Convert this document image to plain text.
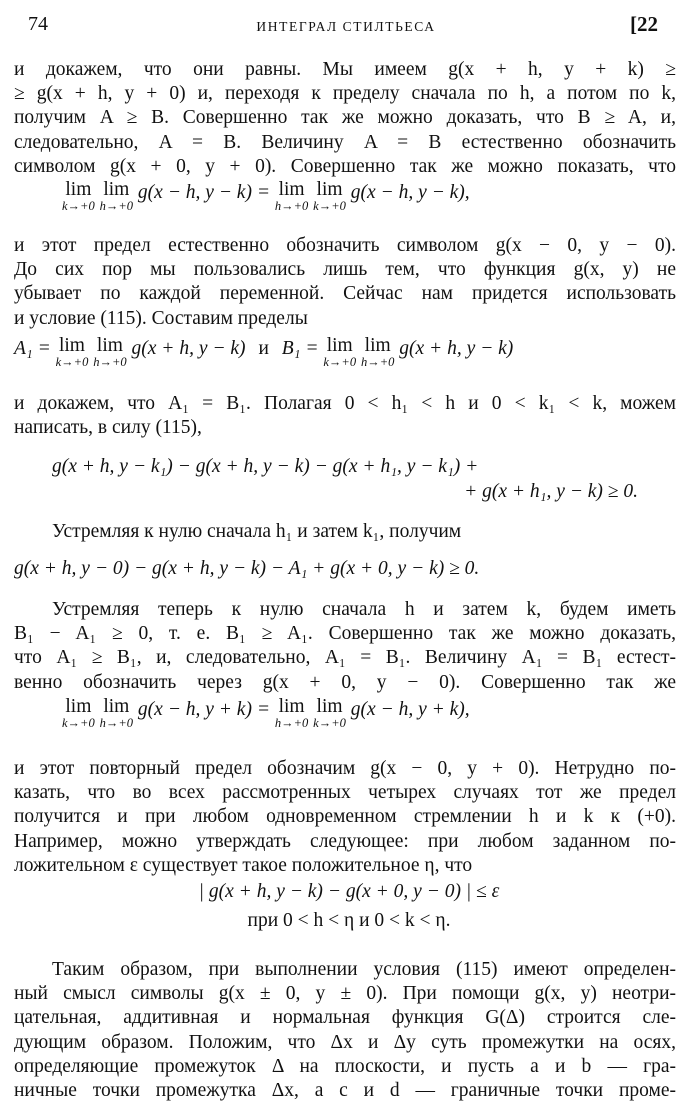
74	ИНТЕГРАЛ СТИЛТЬЕСА	[22
и докажем, что они равны. Мы имеем g(x + h, y + k) ≥
≥ g(x + h, y + 0) и, переходя к пределу сначала по h, а потом по k,
получим A ≥ B. Совершенно так же можно доказать, что B ≥ A, и,
следовательно, A = B. Величину A = B естественно обозначить
символом g(x + 0, y + 0). Совершенно так же можно показать, что
lim
k→+0
lim
h→+0
g(x − h, y − k) = lim
h→+0
lim
k→+0
g(x − h, y − k),
и этот предел естественно обозначить символом g(x − 0, y − 0).
До сих пор мы пользовались лишь тем, что функция g(x, y) не
убывает по каждой переменной. Сейчас нам придется использовать
и условие (115). Составим пределы
A₁ = lim
k→+0
lim
h→+0
g(x + h, y − k) и B₁ = lim
k→+0
lim
h→+0
g(x + h, y − k)
и докажем, что A₁ = B₁. Полагая 0 < h₁ < h и 0 < k₁ < k, можем
написать, в силу (115),
g(x + h, y − k₁) − g(x + h, y − k) − g(x + h₁, y − k₁) +
+ g(x + h₁, y − k) ≥ 0.
Устремляя к нулю сначала h₁ и затем k₁, получим
g(x + h, y − 0) − g(x + h, y − k) − A₁ + g(x + 0, y − k) ≥ 0.
Устремляя теперь к нулю сначала h и затем k, будем иметь
B₁ − A₁ ≥ 0, т. е. B₁ ≥ A₁. Совершенно так же можно доказать,
что A₁ ≥ B₁, и, следовательно, A₁ = B₁. Величину A₁ = B₁ естест-
венно обозначить через g(x + 0, y − 0). Совершенно так же
lim
k→+0
lim
h→+0
g(x − h, y + k) = lim
h→+0
lim
k→+0
g(x − h, y + k),
и этот повторный предел обозначим g(x − 0, y + 0). Нетрудно по-
казать, что во всех рассмотренных четырех случаях тот же предел
получится и при любом одновременном стремлении h и k к (+0).
Например, можно утверждать следующее: при любом заданном по-
ложительном ε существует такое положительное η, что
| g(x + h, y − k) − g(x + 0, y − 0) | ≤ ε
при 0 < h < η и 0 < k < η.
Таким образом, при выполнении условия (115) имеют определен-
ный смысл символы g(x ± 0, y ± 0). При помощи g(x, y) неотри-
цательная, аддитивная и нормальная функция G(Δ) строится сле-
дующим образом. Положим, что Δx и Δy суть промежутки на осях,
определяющие промежуток Δ на плоскости, и пусть a и b — гра-
ничные точки промежутка Δx, а c и d — граничные точки проме-
